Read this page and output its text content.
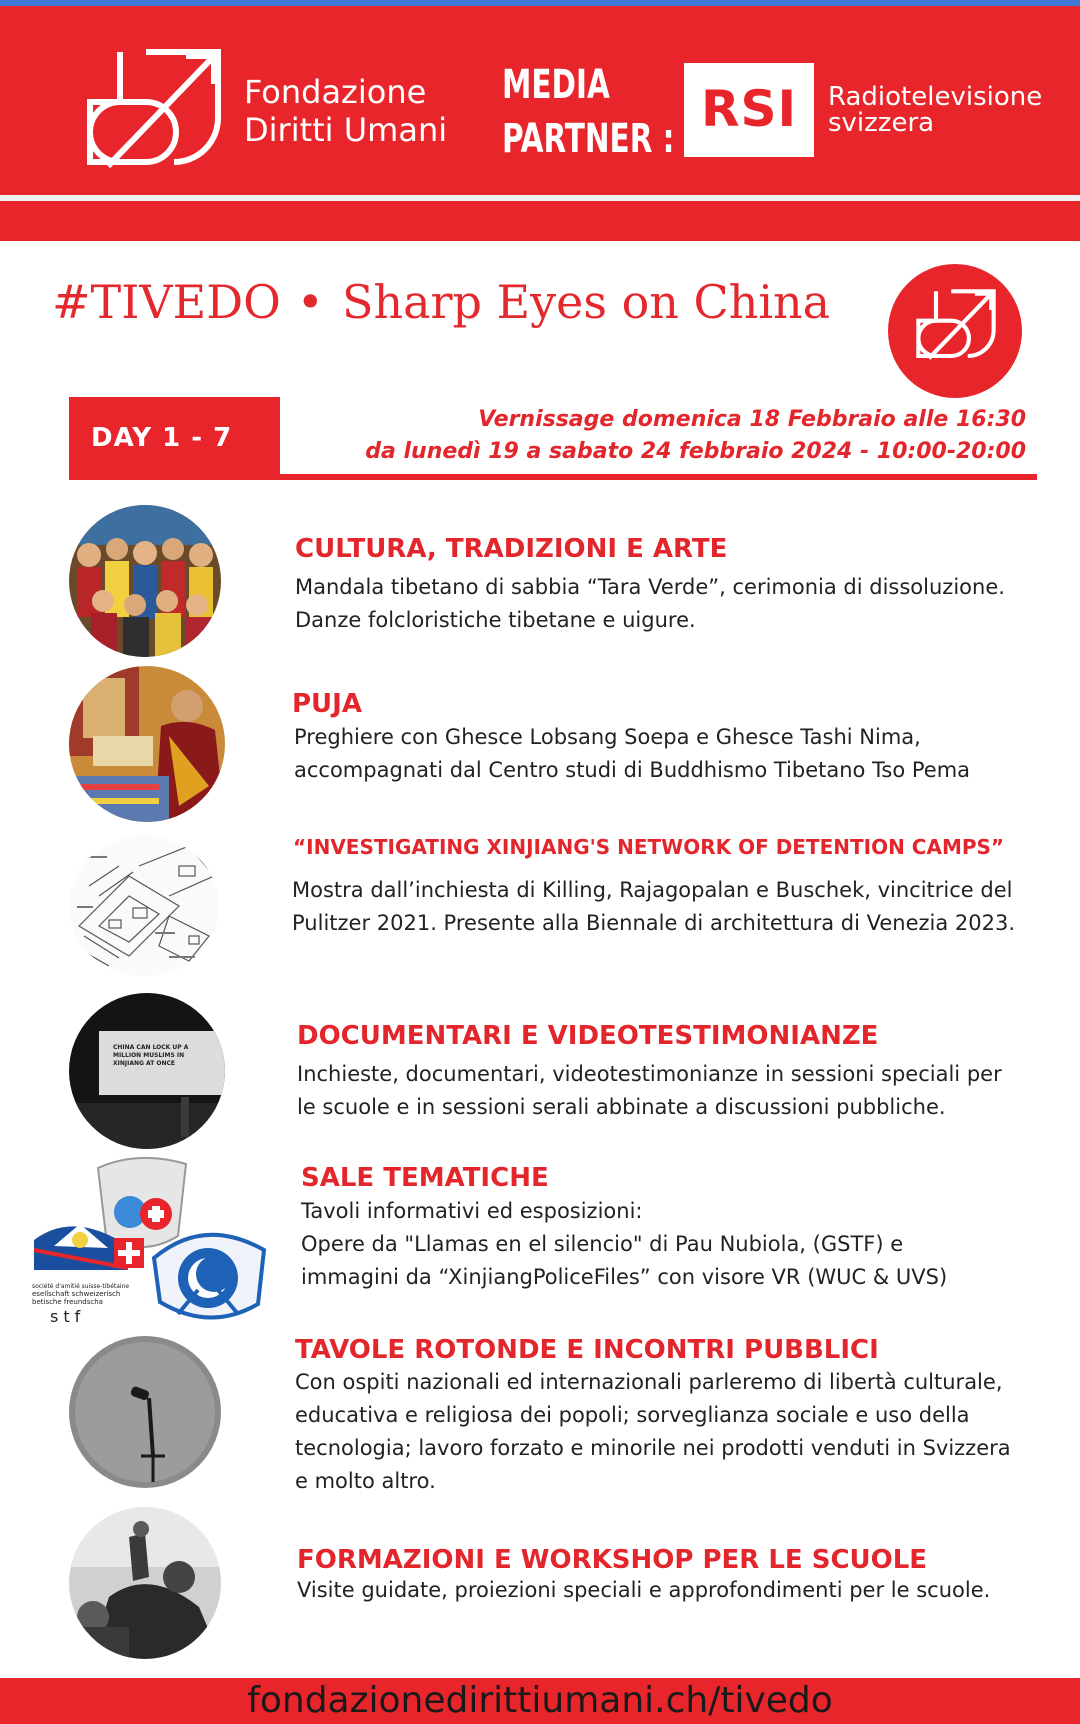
Fondazione
Diritti Umani
MEDIA
PARTNER :
RSI	Radiotelevisione
svizzera
#TIVEDO • Sharp Eyes on China
DAY 1 - 7
Vernissage domenica 18 Febbraio alle 16:30
da lunedì 19 a sabato 24 febbraio 2024 - 10:00-20:00
CULTURA, TRADIZIONI E ARTE
Mandala tibetano di sabbia “Tara Verde”, cerimonia di dissoluzione.
Danze folcloristiche tibetane e uigure.
PUJA
Preghiere con Ghesce Lobsang Soepa e Ghesce Tashi Nima,
accompagnati dal Centro studi di Buddhismo Tibetano Tso Pema
“INVESTIGATING XINJIANG'S NETWORK OF DETENTION CAMPS”
Mostra dall’inchiesta di Killing, Rajagopalan e Buschek, vincitrice del
Pulitzer 2021. Presente alla Biennale di architettura di Venezia 2023.
CHINA CAN LOCK UP A
MILLION MUSLIMS IN
XINJIANG AT ONCE
DOCUMENTARI E VIDEOTESTIMONIANZE
Inchieste, documentari, videotestimonianze in sessioni speciali per
le scuole e in sessioni serali abbinate a discussioni pubbliche.
société d'amitié suisse-tibétaine
esellschaft schweizerisch
betische freundscha
stf
SALE TEMATICHE
Tavoli informativi ed esposizioni:
Opere da "Llamas en el silencio" di Pau Nubiola, (GSTF) e
immagini da “XinjiangPoliceFiles” con visore VR (WUC & UVS)
TAVOLE ROTONDE E INCONTRI PUBBLICI
Con ospiti nazionali ed internazionali parleremo di libertà culturale,
educativa e religiosa dei popoli; sorveglianza sociale e uso della
tecnologia; lavoro forzato e minorile nei prodotti venduti in Svizzera
e molto altro.
FORMAZIONI E WORKSHOP PER LE SCUOLE
Visite guidate, proiezioni speciali e approfondimenti per le scuole.
fondazionedirittiumani.ch/tivedo
